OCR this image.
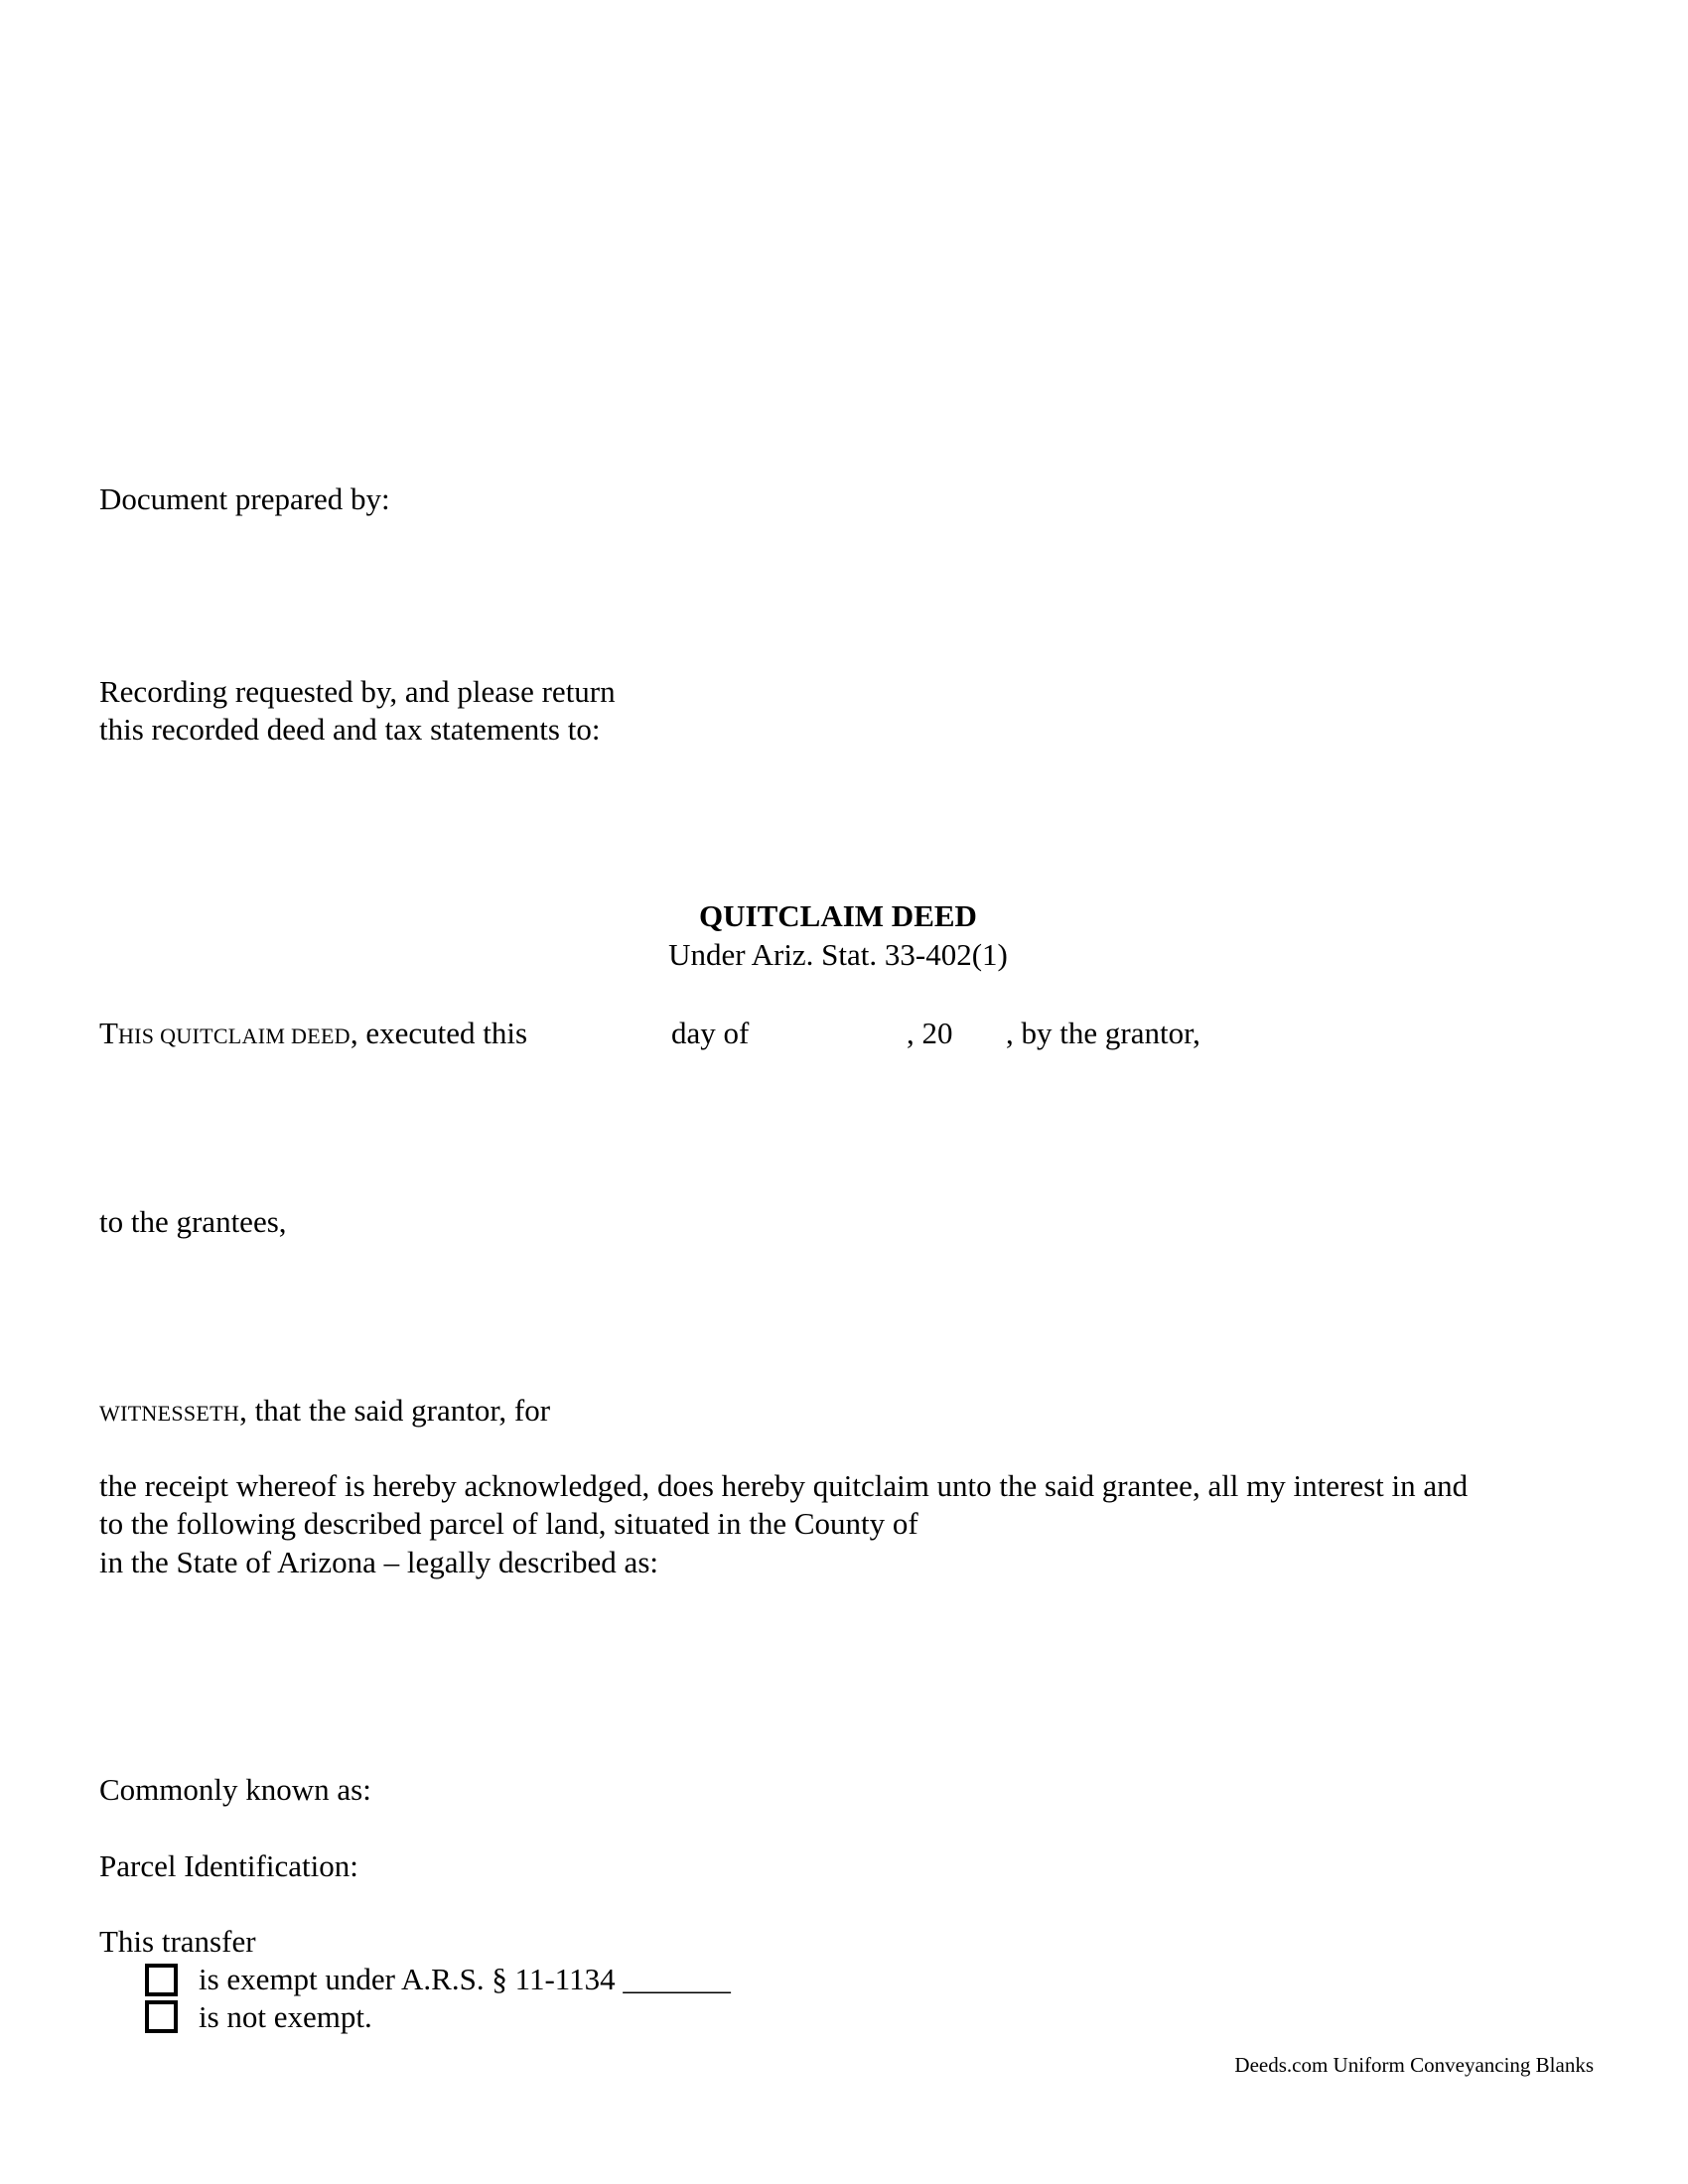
Document prepared by:
Recording requested by, and please return
this recorded deed and tax statements to:
QUITCLAIM DEED
Under Ariz. Stat. 33-402(1)
THIS QUITCLAIM DEED, executed this	day of	, 20 , by the grantor,
to the grantees,
WITNESSETH, that the said grantor, for
the receipt whereof is hereby acknowledged, does hereby quitclaim unto the said grantee, all my interest in and
to the following described parcel of land, situated in the County of
in the State of Arizona – legally described as:
Commonly known as:
Parcel Identification:
This transfer
is exempt under A.R.S. § 11-1134 _______
is not exempt.
Deeds.com Uniform Conveyancing Blanks
